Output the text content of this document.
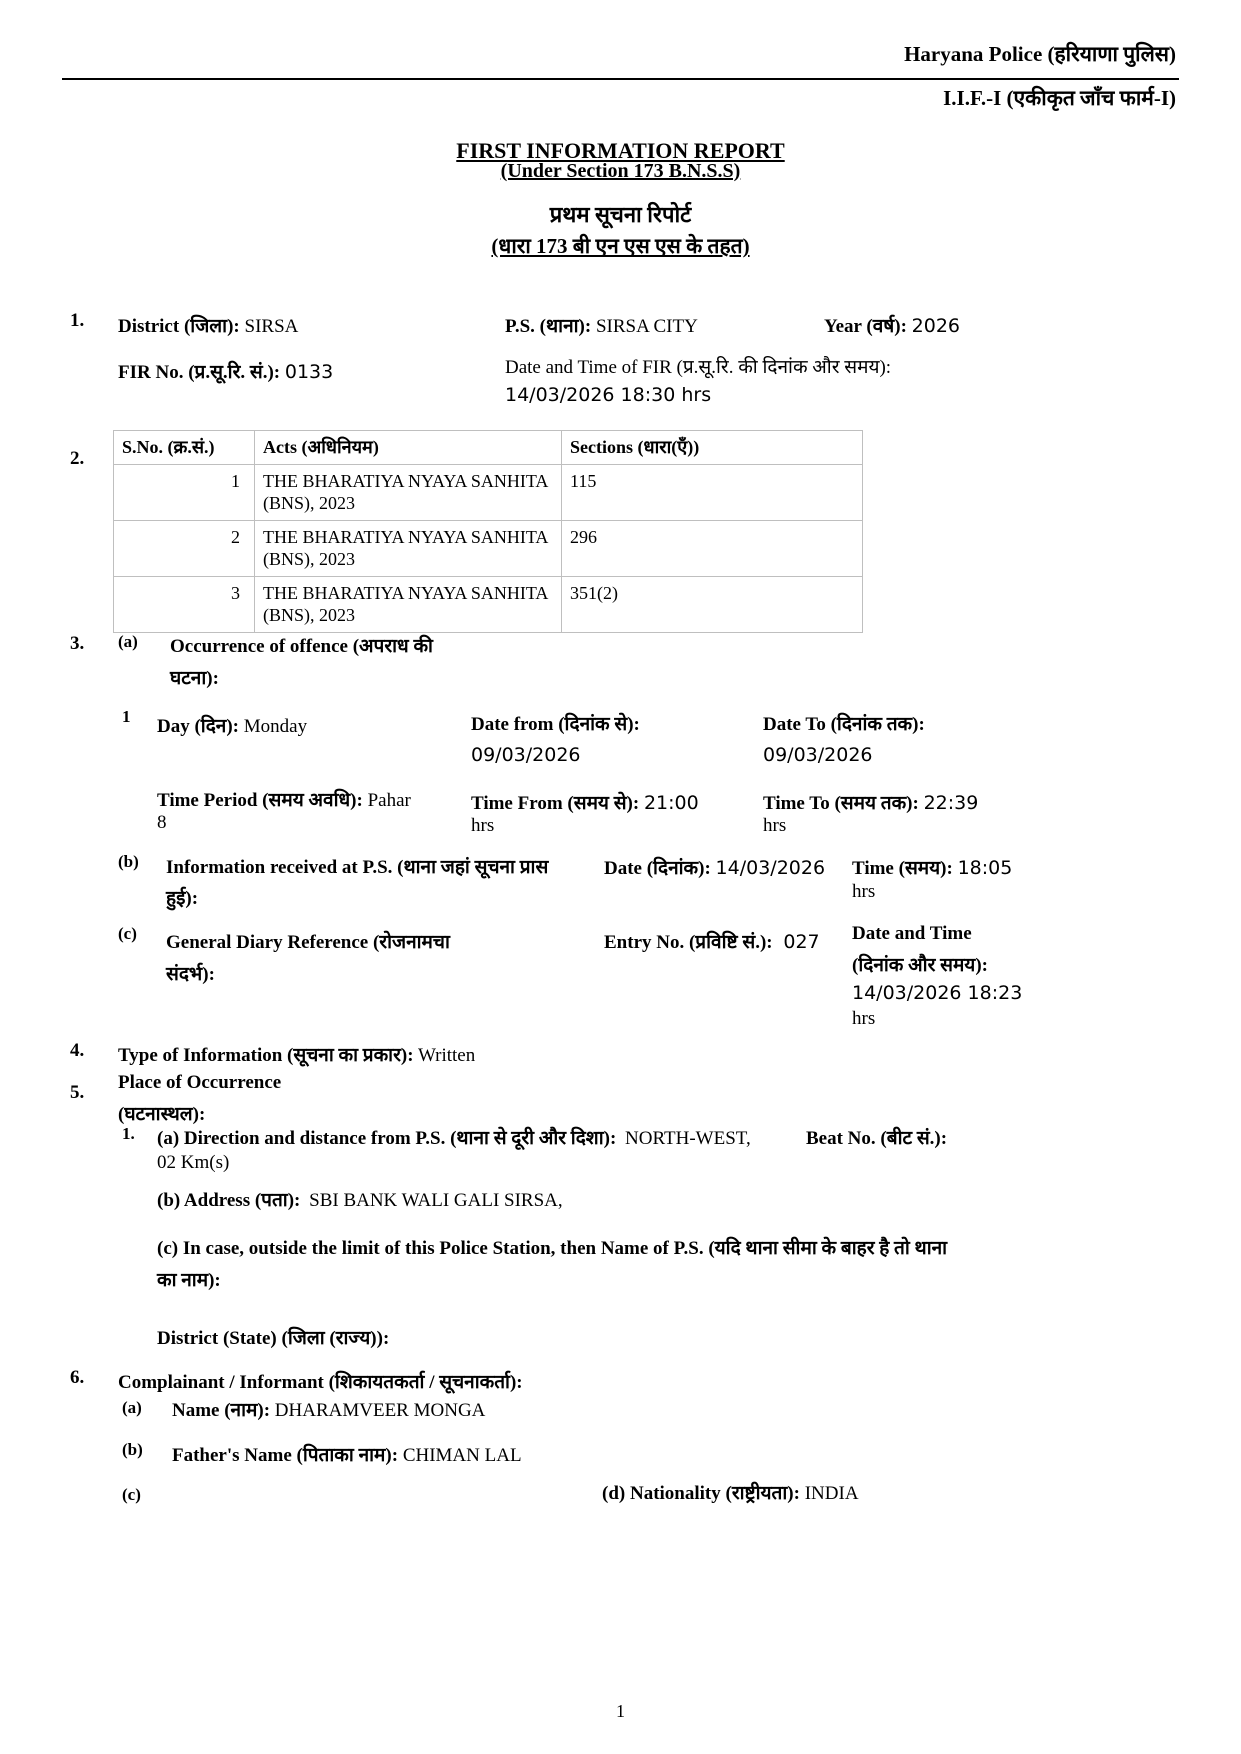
Haryana Police (हरियाणा पुलिस)
I.I.F.-I (एकीकृत जाँच फार्म-I)
FIRST INFORMATION REPORT
(Under Section 173 B.N.S.S)
प्रथम सूचना रिपोर्ट
(धारा 173 बी एन एस एस के तहत)
1. District (जिला): SIRSA	P.S. (थाना): SIRSA CITY	Year (वर्ष): 2026
FIR No. (प्र.सू.रि. सं.): 0133	Date and Time of FIR (प्र.सू.रि. की दिनांक और समय):
14/03/2026 18:30 hrs
2.
S.No. (क्र.सं.)	Acts (अधिनियम)	Sections (धारा(एँ))
1	THE BHARATIYA NYAYA SANHITA (BNS), 2023	115
2	THE BHARATIYA NYAYA SANHITA (BNS), 2023	296
3	THE BHARATIYA NYAYA SANHITA (BNS), 2023	351(2)
3. (a) Occurrence of offence (अपराध की
घटना):
1 Day (दिन): Monday	Date from (दिनांक से):
09/03/2026
Date To (दिनांक तक):
09/03/2026
Time Period (समय अवधि): Pahar
8
Time From (समय से): 21:00
hrs
Time To (समय तक): 22:39
hrs
(b) Information received at P.S. (थाना जहां सूचना प्रास
हुई):
Date (दिनांक): 14/03/2026 Time (समय): 18:05
hrs
(c) General Diary Reference (रोजनामचा
संदर्भ):
Entry No. (प्रविष्टि सं.): 027 Date and Time
(दिनांक और समय):
14/03/2026 18:23
hrs
4. Type of Information (सूचना का प्रकार): Written
5. Place of Occurrence
(घटनास्थल):
1. (a) Direction and distance from P.S. (थाना से दूरी और दिशा): NORTH-WEST,
02 Km(s)
Beat No. (बीट सं.):
(b) Address (पता): SBI BANK WALI GALI SIRSA,
(c) In case, outside the limit of this Police Station, then Name of P.S. (यदि थाना सीमा के बाहर है तो थाना
का नाम):
District (State) (जिला (राज्य)):
6. Complainant / Informant (शिकायतकर्ता / सूचनाकर्ता):
(a) Name (नाम): DHARAMVEER MONGA
(b) Father's Name (पिताका नाम): CHIMAN LAL
(c)	(d) Nationality (राष्ट्रीयता): INDIA
1
